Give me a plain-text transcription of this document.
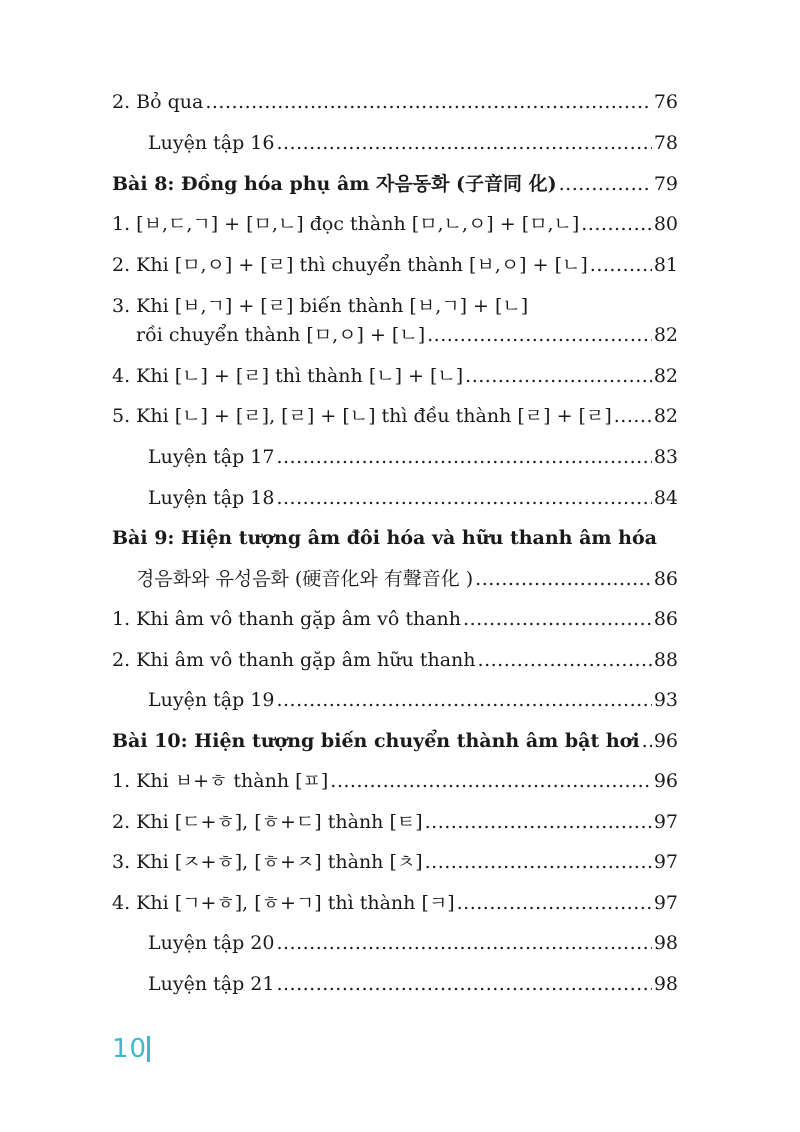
2. Bỏ qua .....	76
Luyện tập 16 .....	78
Bài 8: Đồng hóa phụ âm 자음동화 (子音同 化) .....	79
1. [ㅂ,ㄷ,ㄱ] + [ㅁ,ㄴ] đọc thành [ㅁ,ㄴ,ㅇ] + [ㅁ,ㄴ] .....	80
2. Khi [ㅁ,ㅇ] + [ㄹ] thì chuyển thành [ㅂ,ㅇ] + [ㄴ] .....	81
3. Khi [ㅂ,ㄱ] + [ㄹ] biến thành [ㅂ,ㄱ] + [ㄴ]
rồi chuyển thành [ㅁ,ㅇ] + [ㄴ] .....	82
4. Khi [ㄴ] + [ㄹ] thì thành [ㄴ] + [ㄴ] .....	82
5. Khi [ㄴ] + [ㄹ], [ㄹ] + [ㄴ] thì đều thành [ㄹ] + [ㄹ] ..... 82
Luyện tập 17 .....	83
Luyện tập 18 .....	84
Bài 9: Hiện tượng âm đôi hóa và hữu thanh âm hóa
경음화와 유성음화 (硬音化와 有聲音化 ) .....	86
1. Khi âm vô thanh gặp âm vô thanh .....	86
2. Khi âm vô thanh gặp âm hữu thanh .....	88
Luyện tập 19 .....	93
Bài 10: Hiện tượng biến chuyển thành âm bật hơi ..... 96
1. Khi ㅂ+ㅎ thành [ㅍ] .....	96
2. Khi [ㄷ+ㅎ], [ㅎ+ㄷ] thành [ㅌ] .....	97
3. Khi [ㅈ+ㅎ], [ㅎ+ㅈ] thành [ㅊ] .....	97
4. Khi [ㄱ+ㅎ], [ㅎ+ㄱ] thì thành [ㅋ] .....	97
Luyện tập 20 .....	98
Luyện tập 21 .....	98
10
